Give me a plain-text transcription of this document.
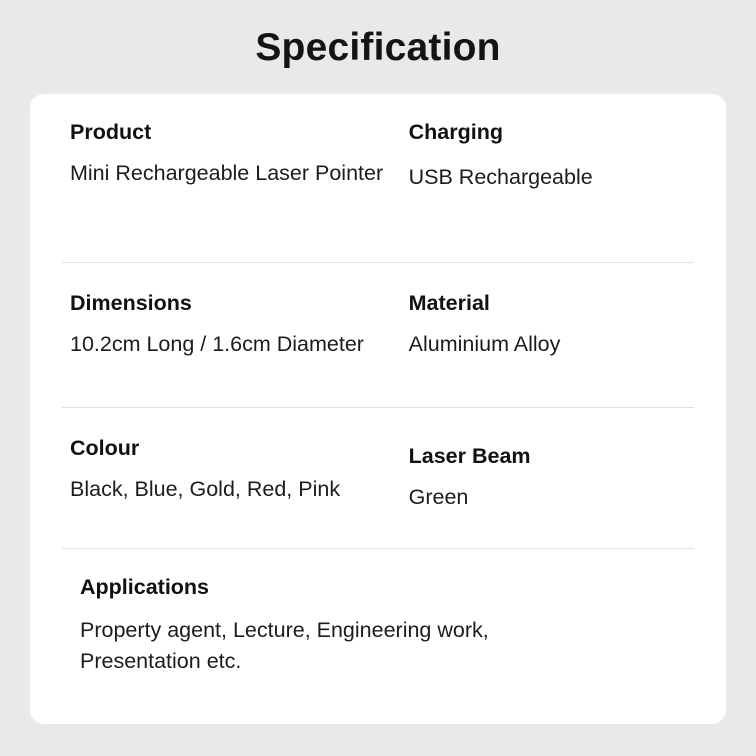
Specification
Product
Mini Rechargeable Laser Pointer
Charging
USB Rechargeable
Dimensions
10.2cm Long / 1.6cm Diameter
Material
Aluminium Alloy
Colour
Black, Blue, Gold, Red, Pink
Laser Beam
Green
Applications
Property agent, Lecture, Engineering work,
Presentation etc.
